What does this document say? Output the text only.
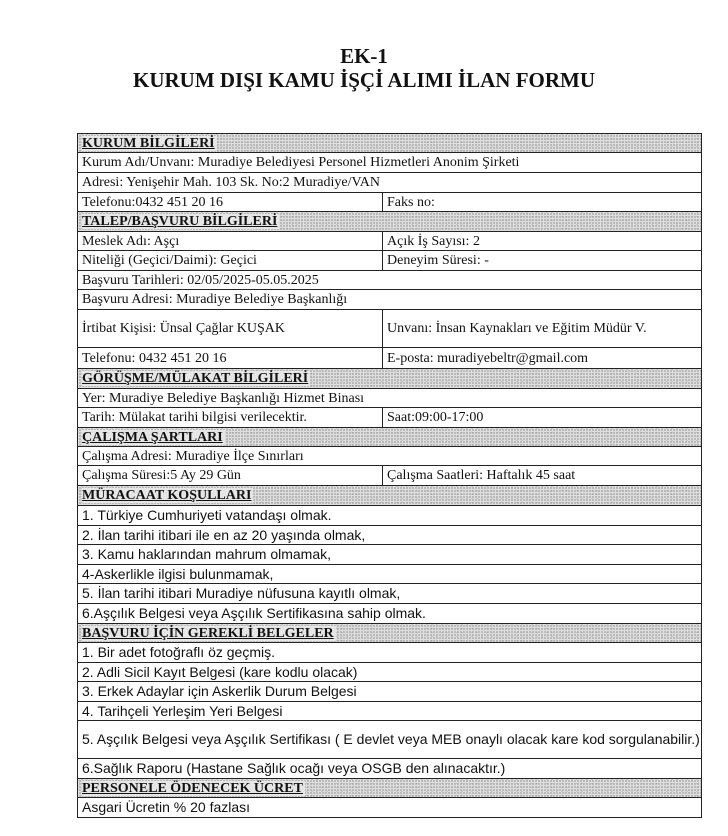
EK-1
KURUM DIŞI KAMU İŞÇİ ALIMI İLAN FORMU
KURUM BİLGİLERİ	
Kurum Adı/Unvanı: Muradiye Belediyesi Personel Hizmetleri Anonim Şirketi	
Adresi: Yenişehir Mah. 103 Sk. No:2 Muradiye/VAN	
Telefonu:0432 451 20 16	Faks no:
TALEP/BAŞVURU BİLGİLERİ	
Meslek Adı: Aşçı	Açık İş Sayısı: 2
Niteliği (Geçici/Daimi): Geçici	Deneyim Süresi: -
Başvuru Tarihleri: 02/05/2025-05.05.2025	
Başvuru Adresi: Muradiye Belediye Başkanlığı	
İrtibat Kişisi: Ünsal Çağlar KUŞAK	Unvanı: İnsan Kaynakları ve Eğitim Müdür V.
Telefonu: 0432 451 20 16	E-posta: muradiyebeltr@gmail.com
GÖRÜŞME/MÜLAKAT BİLGİLERİ	
Yer: Muradiye Belediye Başkanlığı Hizmet Binası	
Tarih: Mülakat tarihi bilgisi verilecektir.	Saat:09:00-17:00
ÇALIŞMA ŞARTLARI	
Çalışma Adresi: Muradiye İlçe Sınırları	
Çalışma Süresi:5 Ay 29 Gün	Çalışma Saatleri: Haftalık 45 saat
MÜRACAAT KOŞULLARI	
1. Türkiye Cumhuriyeti vatandaşı olmak.	
2. İlan tarihi itibari ile en az 20 yaşında olmak,	
3. Kamu haklarından mahrum olmamak,	
4-Askerlikle ilgisi bulunmamak,	
5. İlan tarihi itibari Muradiye nüfusuna kayıtlı olmak,	
6.Aşçılık Belgesi veya Aşçılık Sertifikasına sahip olmak.	
BAŞVURU İÇİN GEREKLİ BELGELER	
1. Bir adet fotoğraflı öz geçmiş.	
2. Adli Sicil Kayıt Belgesi (kare kodlu olacak)	
3. Erkek Adaylar için Askerlik Durum Belgesi	
4. Tarihçeli Yerleşim Yeri Belgesi	
5. Aşçılık Belgesi veya Aşçılık Sertifikası ( E devlet veya MEB onaylı olacak kare kod sorgulanabilir.)	
6.Sağlık Raporu (Hastane Sağlık ocağı veya OSGB den alınacaktır.)	
PERSONELE ÖDENECEK ÜCRET	
Asgari Ücretin % 20 fazlası	
